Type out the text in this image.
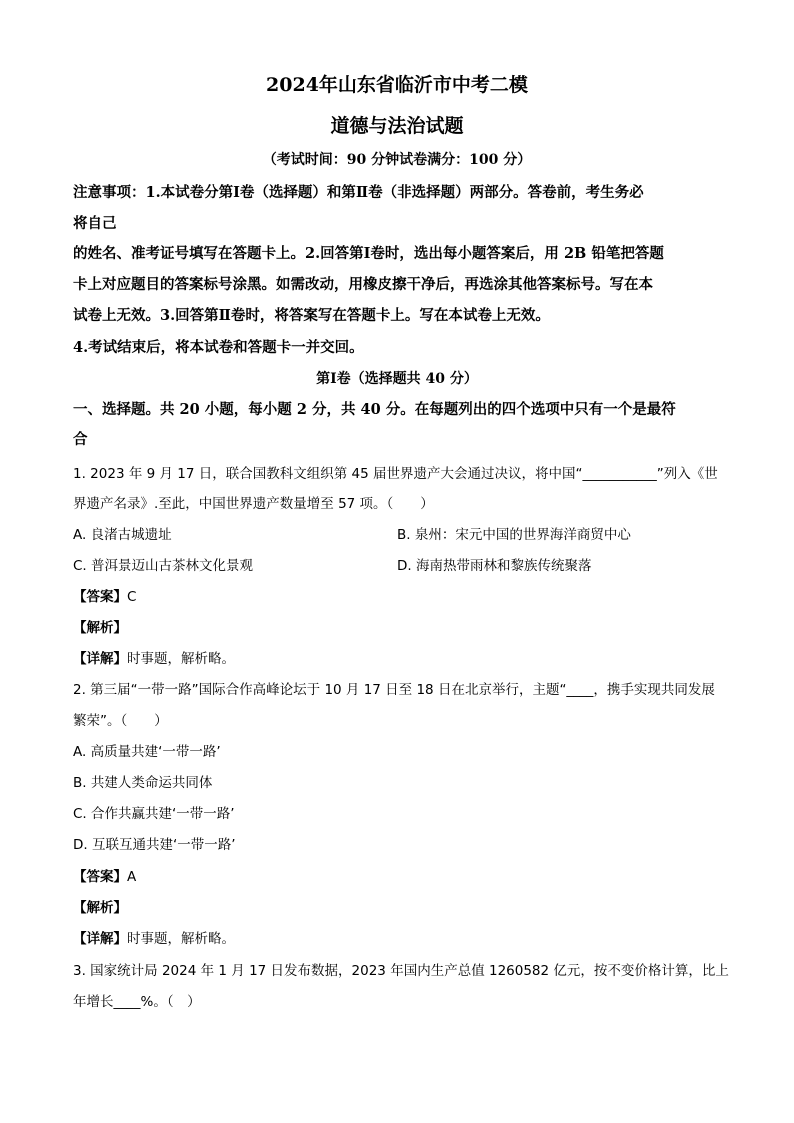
2024年山东省临沂市中考二模
道德与法治试题
（考试时间：90 分钟试卷满分：100 分）
注意事项：1.本试卷分第Ⅰ卷（选择题）和第Ⅱ卷（非选择题）两部分。答卷前，考生务必
将自己
的姓名、准考证号填写在答题卡上。2.回答第Ⅰ卷时，选出每小题答案后，用 2B 铅笔把答题
卡上对应题目的答案标号涂黑。如需改动，用橡皮擦干净后，再选涂其他答案标号。写在本
试卷上无效。3.回答第Ⅱ卷时，将答案写在答题卡上。写在本试卷上无效。
4.考试结束后，将本试卷和答题卡一并交回。
第Ⅰ卷（选择题共 40 分）
一、选择题。共 20 小题，每小题 2 分，共 40 分。在每题列出的四个选项中只有一个是最符
合
1. 2023 年 9 月 17 日，联合国教科文组织第 45 届世界遗产大会通过决议，将中国“___________”列入《世
界遗产名录》.至此，中国世界遗产数量增至 57 项。（　　）
A. 良渚古城遗址	B. 泉州：宋元中国的世界海洋商贸中心
C. 普洱景迈山古茶林文化景观	D. 海南热带雨林和黎族传统聚落
【答案】C
【解析】
【详解】时事题，解析略。
2. 第三届“一带一路”国际合作高峰论坛于 10 月 17 日至 18 日在北京举行，主题“____，携手实现共同发展
繁荣”。（　　）
A. 高质量共建‘一带一路’
B. 共建人类命运共同体
C. 合作共赢共建‘一带一路’
D. 互联互通共建‘一带一路’
【答案】A
【解析】
【详解】时事题，解析略。
3. 国家统计局 2024 年 1 月 17 日发布数据，2023 年国内生产总值 1260582 亿元，按不变价格计算，比上
年增长____%。（　）
